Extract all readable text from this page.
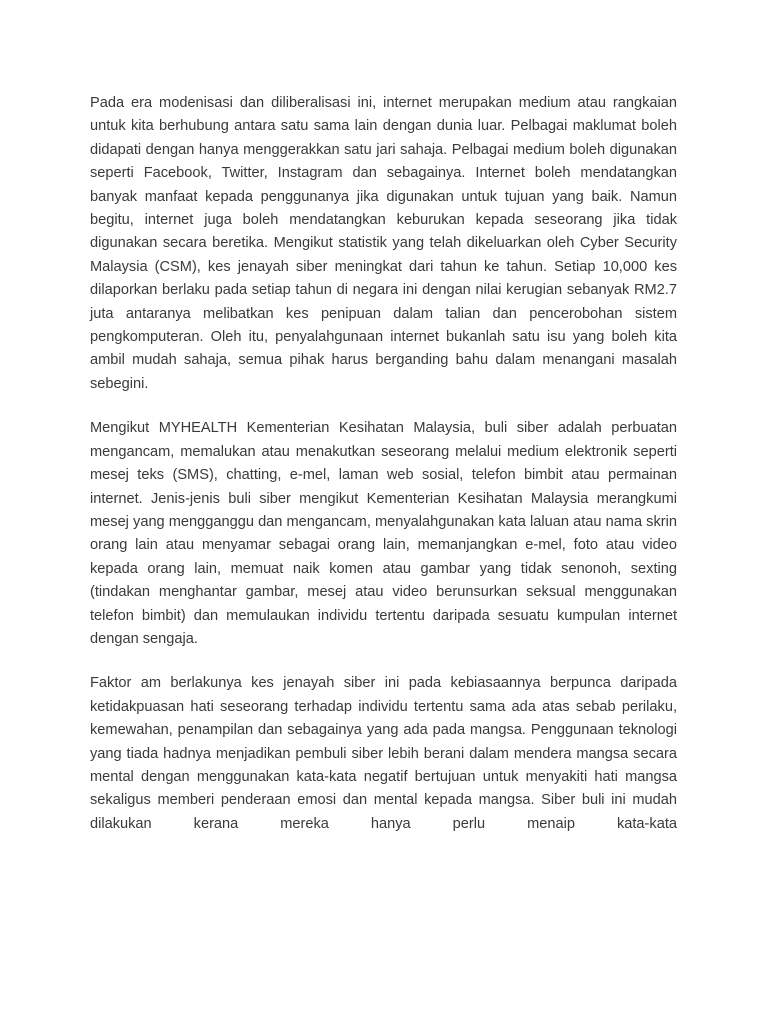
Pada era modenisasi dan diliberalisasi ini, internet merupakan medium atau rangkaian untuk kita berhubung antara satu sama lain dengan dunia luar. Pelbagai maklumat boleh didapati dengan hanya menggerakkan satu jari sahaja. Pelbagai medium boleh digunakan seperti Facebook, Twitter, Instagram dan sebagainya. Internet boleh mendatangkan banyak manfaat kepada penggunanya jika digunakan untuk tujuan yang baik. Namun begitu, internet juga boleh mendatangkan keburukan kepada seseorang jika tidak digunakan secara beretika. Mengikut statistik yang telah dikeluarkan oleh Cyber Security Malaysia (CSM), kes jenayah siber meningkat dari tahun ke tahun. Setiap 10,000 kes dilaporkan berlaku pada setiap tahun di negara ini dengan nilai kerugian sebanyak RM2.7 juta antaranya melibatkan kes penipuan dalam talian dan pencerobohan sistem pengkomputeran. Oleh itu, penyalahgunaan internet bukanlah satu isu yang boleh kita ambil mudah sahaja, semua pihak harus berganding bahu dalam menangani masalah sebegini.

Mengikut MYHEALTH Kementerian Kesihatan Malaysia, buli siber adalah perbuatan mengancam, memalukan atau menakutkan seseorang melalui medium elektronik seperti mesej teks (SMS), chatting, e-mel, laman web sosial, telefon bimbit atau permainan internet. Jenis-jenis buli siber mengikut Kementerian Kesihatan Malaysia merangkumi mesej yang mengganggu dan mengancam, menyalahgunakan kata laluan atau nama skrin orang lain atau menyamar sebagai orang lain, memanjangkan e-mel, foto atau video kepada orang lain, memuat naik komen atau gambar yang tidak senonoh, sexting (tindakan menghantar gambar, mesej atau video berunsurkan seksual menggunakan telefon bimbit) dan memulaukan individu tertentu daripada sesuatu kumpulan internet dengan sengaja.

Faktor am berlakunya kes jenayah siber ini pada kebiasaannya berpunca daripada ketidakpuasan hati seseorang terhadap individu tertentu sama ada atas sebab perilaku, kemewahan, penampilan dan sebagainya yang ada pada mangsa. Penggunaan teknologi yang tiada hadnya menjadikan pembuli siber lebih berani dalam mendera mangsa secara mental dengan menggunakan kata-kata negatif bertujuan untuk menyakiti hati mangsa sekaligus memberi penderaan emosi dan mental kepada mangsa. Siber buli ini mudah dilakukan kerana mereka hanya perlu menaip kata-kata
